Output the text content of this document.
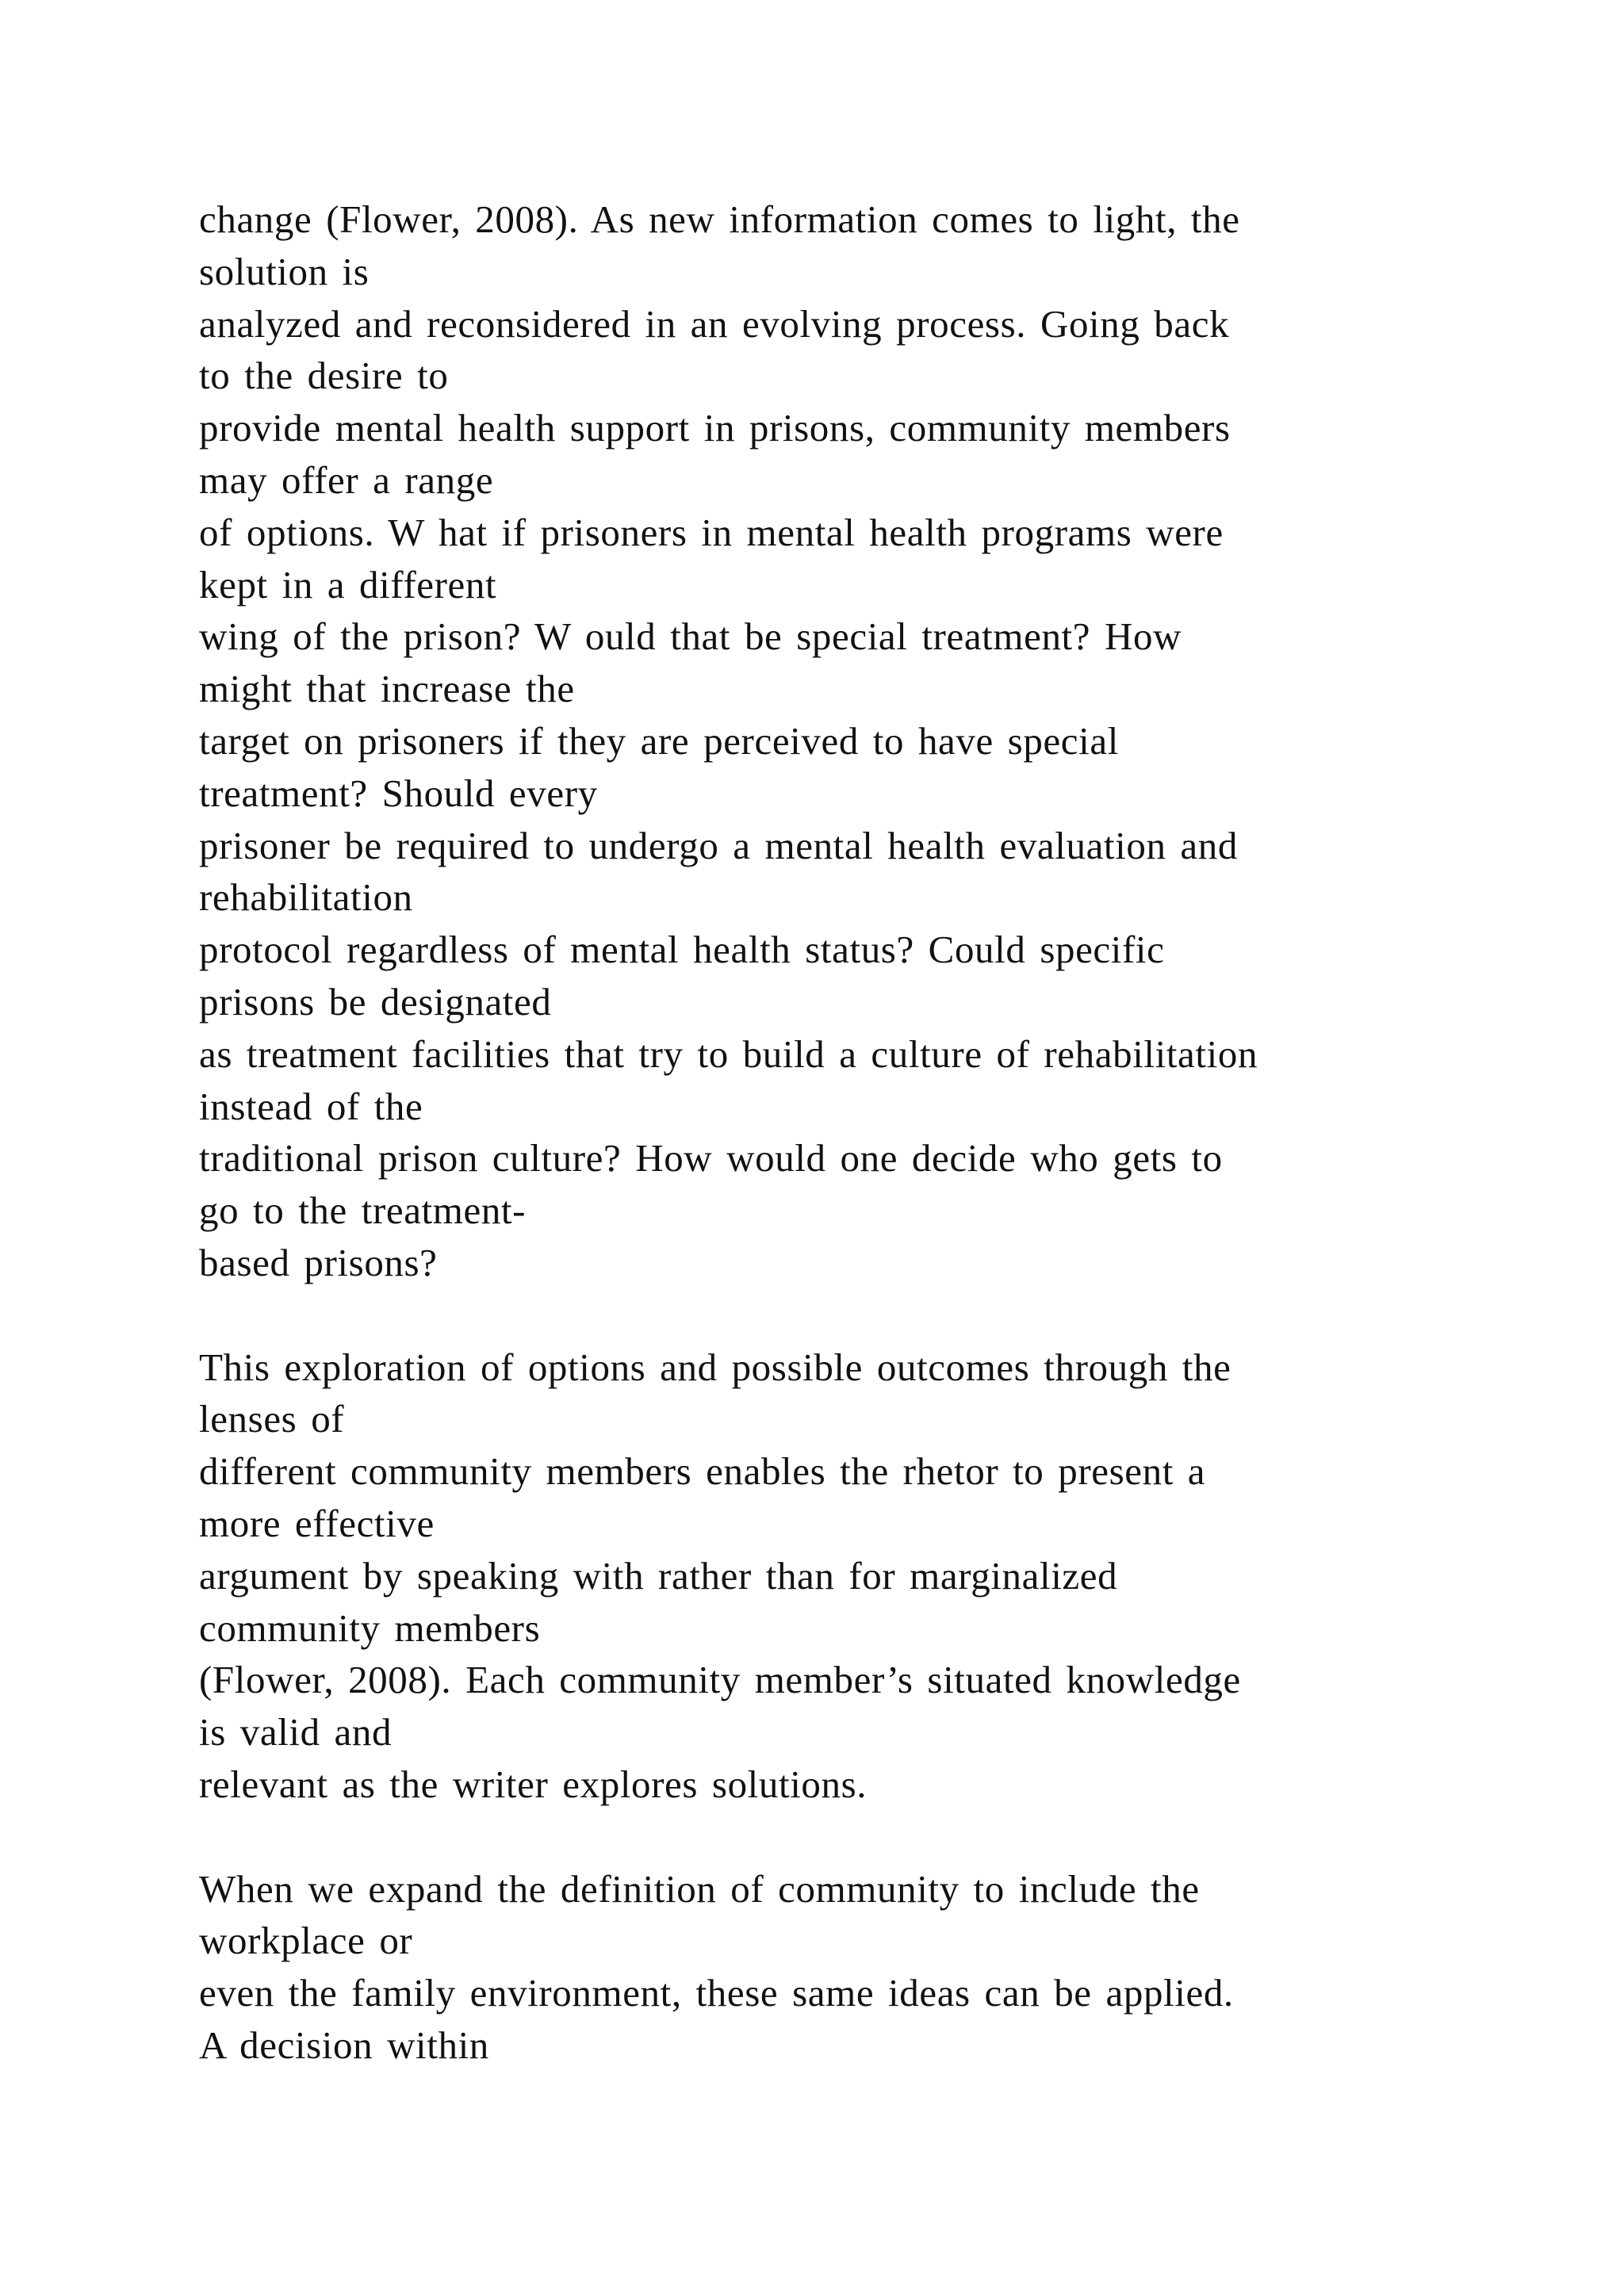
change (Flower, 2008). As new information comes to light, the
solution is
analyzed and reconsidered in an evolving process. Going back
to the desire to
provide mental health support in prisons, community members
may offer a range
of options. W hat if prisoners in mental health programs were
kept in a different
wing of the prison? W ould that be special treatment? How
might that increase the
target on prisoners if they are perceived to have special
treatment? Should every
prisoner be required to undergo a mental health evaluation and
rehabilitation
protocol regardless of mental health status? Could specific
prisons be designated
as treatment facilities that try to build a culture of rehabilitation
instead of the
traditional prison culture? How would one decide who gets to
go to the treatment-
based prisons?
This exploration of options and possible outcomes through the
lenses of
different community members enables the rhetor to present a
more effective
argument by speaking with rather than for marginalized
community members
(Flower, 2008). Each community member’s situated knowledge
is valid and
relevant as the writer explores solutions.
When we expand the definition of community to include the
workplace or
even the family environment, these same ideas can be applied.
A decision within
